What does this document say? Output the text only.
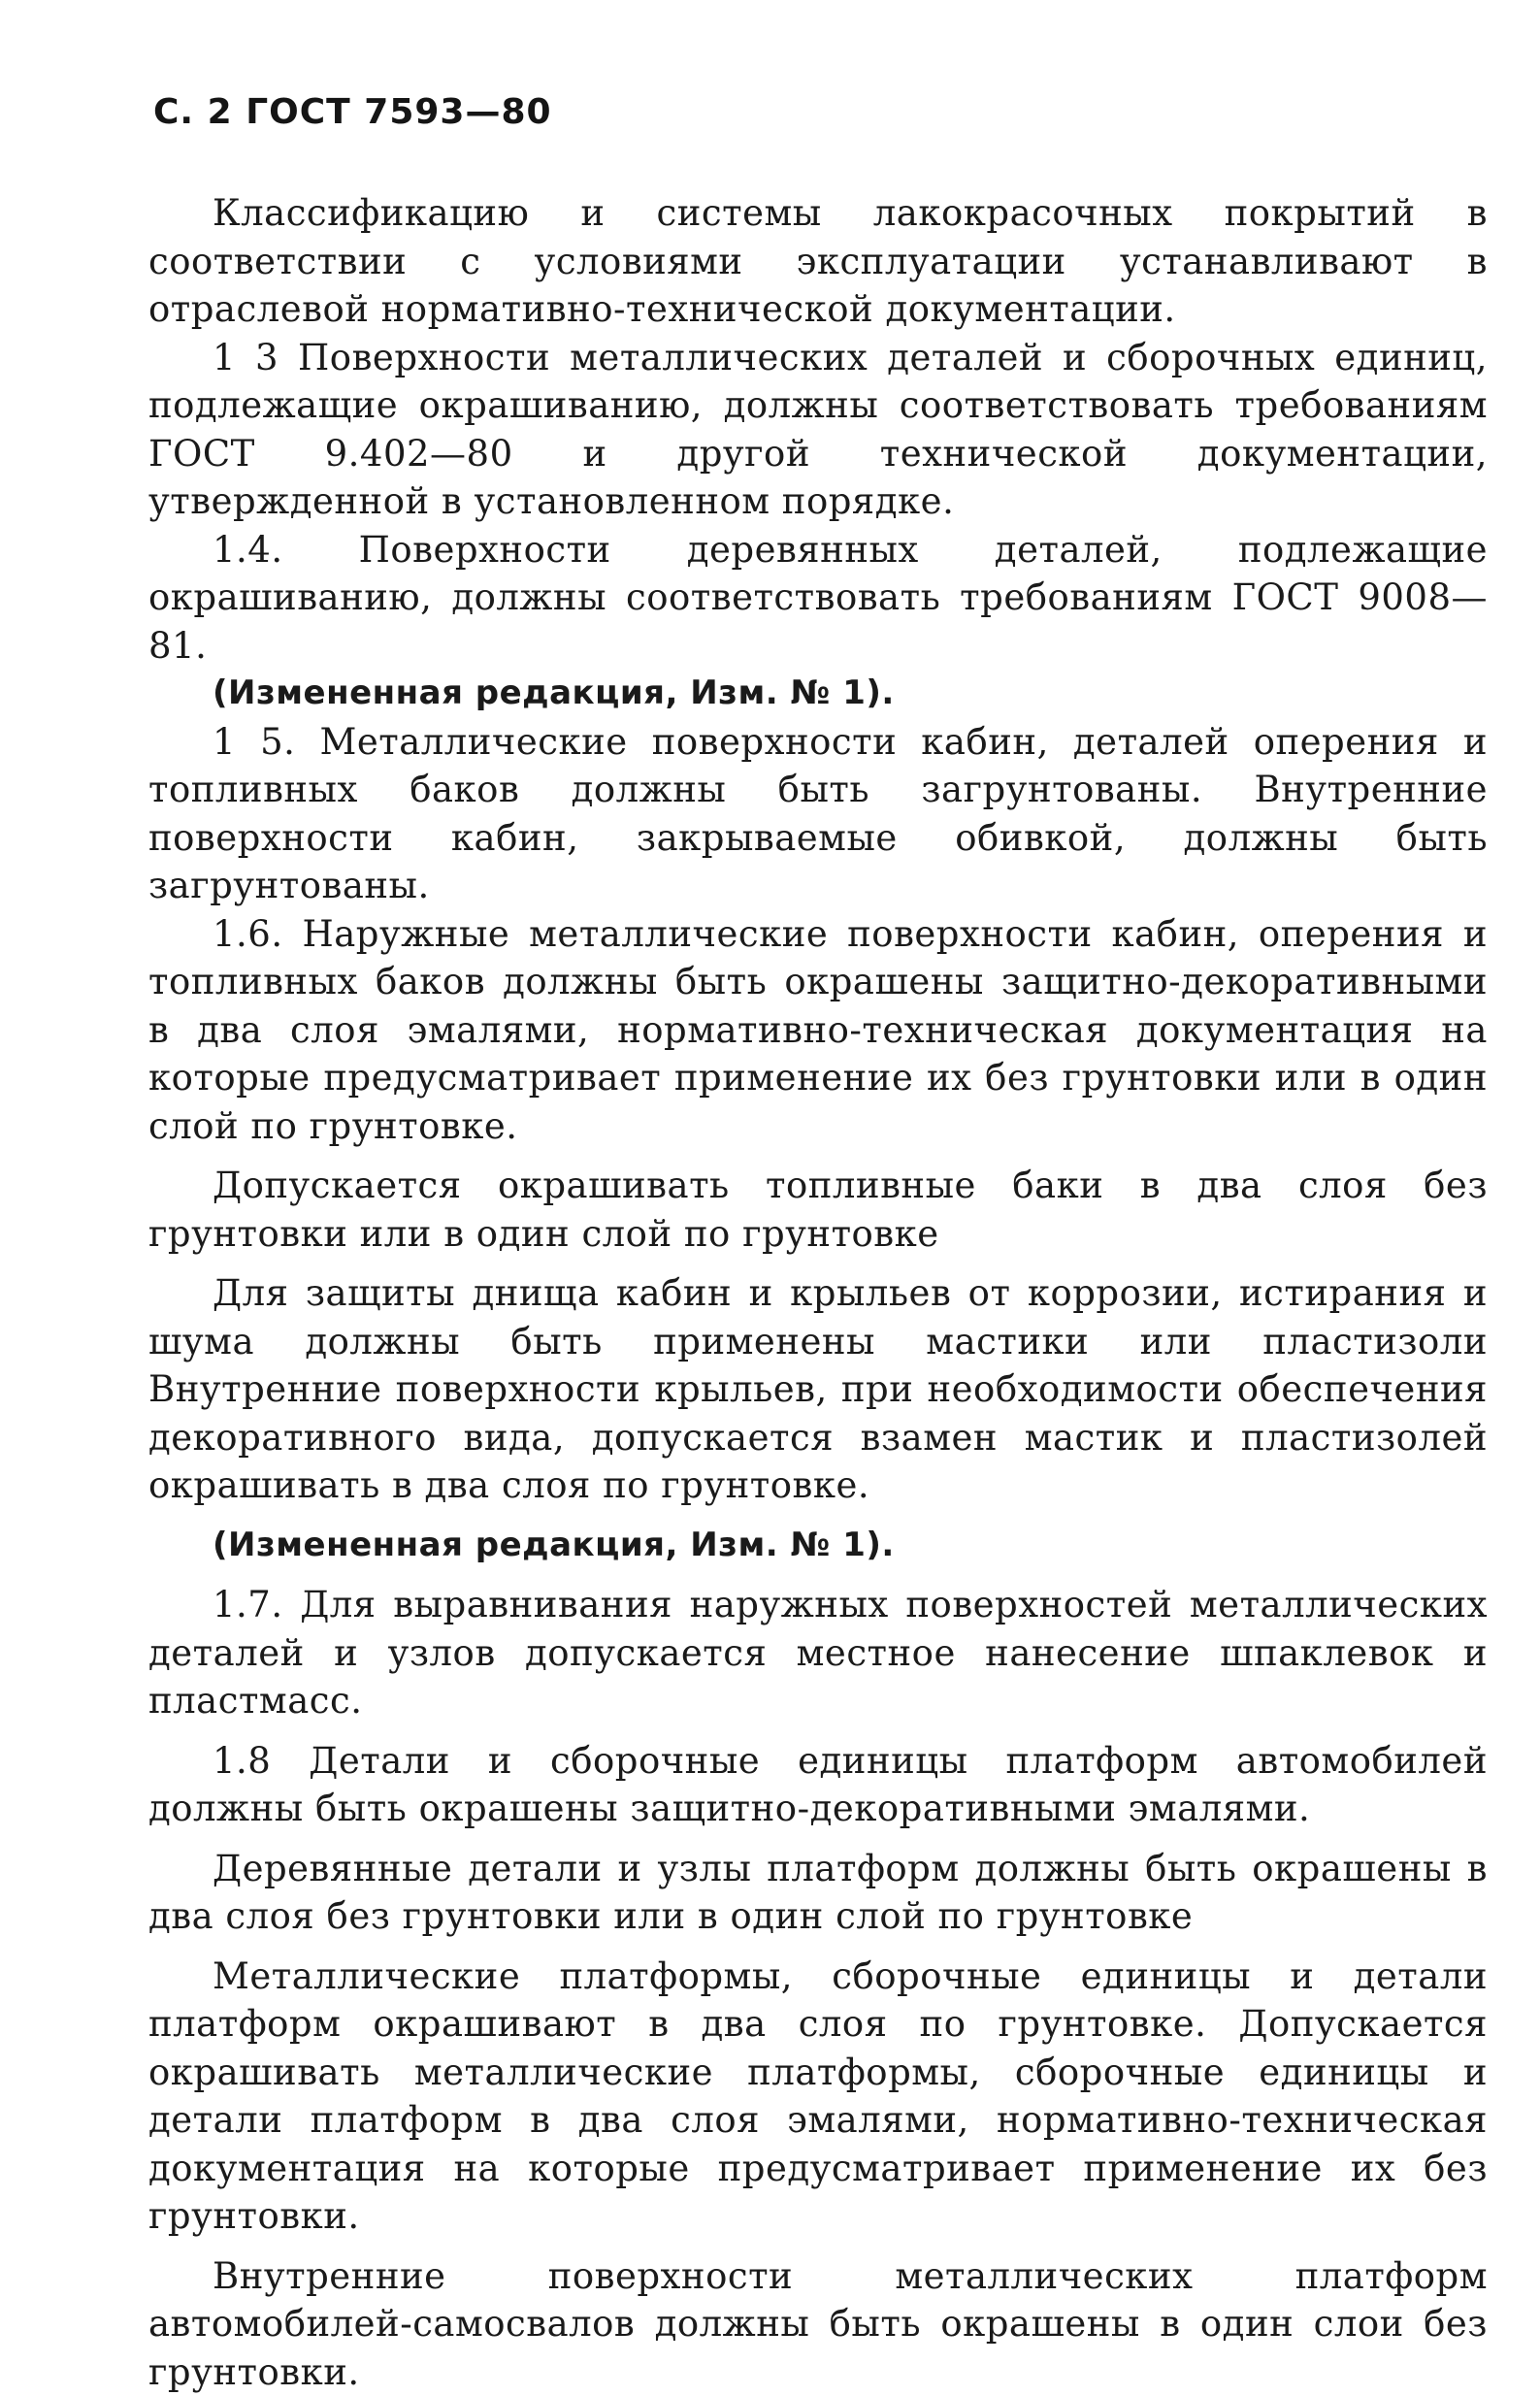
С. 2 ГОСТ 7593—80

Классификацию и системы лакокрасочных покрытий в соответствии с условиями эксплуатации устанавливают в отраслевой нормативно-технической документации.

1 3 Поверхности металлических деталей и сборочных единиц, подлежащие окрашиванию, должны соответствовать требованиям ГОСТ 9.402—80 и другой технической документации, утвержденной в установленном порядке.

1.4. Поверхности деревянных деталей, подлежащие окрашиванию, должны соответствовать требованиям ГОСТ 9008—81.

(Измененная редакция, Изм. № 1).

1 5. Металлические поверхности кабин, деталей оперения и топливных баков должны быть загрунтованы. Внутренние поверхности кабин, закрываемые обивкой, должны быть загрунтованы.

1.6. Наружные металлические поверхности кабин, оперения и топливных баков должны быть окрашены защитно-декоративными в два слоя эмалями, нормативно-техническая документация на которые предусматривает применение их без грунтовки или в один слой по грунтовке.

Допускается окрашивать топливные баки в два слоя без грунтовки или в один слой по грунтовке

Для защиты днища кабин и крыльев от коррозии, истирания и шума должны быть применены мастики или пластизоли Внутренние поверхности крыльев, при необходимости обеспечения декоративного вида, допускается взамен мастик и пластизолей окрашивать в два слоя по грунтовке.

(Измененная редакция, Изм. № 1).

1.7. Для выравнивания наружных поверхностей металлических деталей и узлов допускается местное нанесение шпаклевок и пластмасс.

1.8 Детали и сборочные единицы платформ автомобилей должны быть окрашены защитно-декоративными эмалями.

Деревянные детали и узлы платформ должны быть окрашены в два слоя без грунтовки или в один слой по грунтовке

Металлические платформы, сборочные единицы и детали платформ окрашивают в два слоя по грунтовке. Допускается окрашивать металлические платформы, сборочные единицы и детали платформ в два слоя эмалями, нормативно-техническая документация на которые предусматривает применение их без грунтовки.

Внутренние поверхности металлических платформ автомобилей-самосвалов должны быть окрашены в один слои без грунтовки.
